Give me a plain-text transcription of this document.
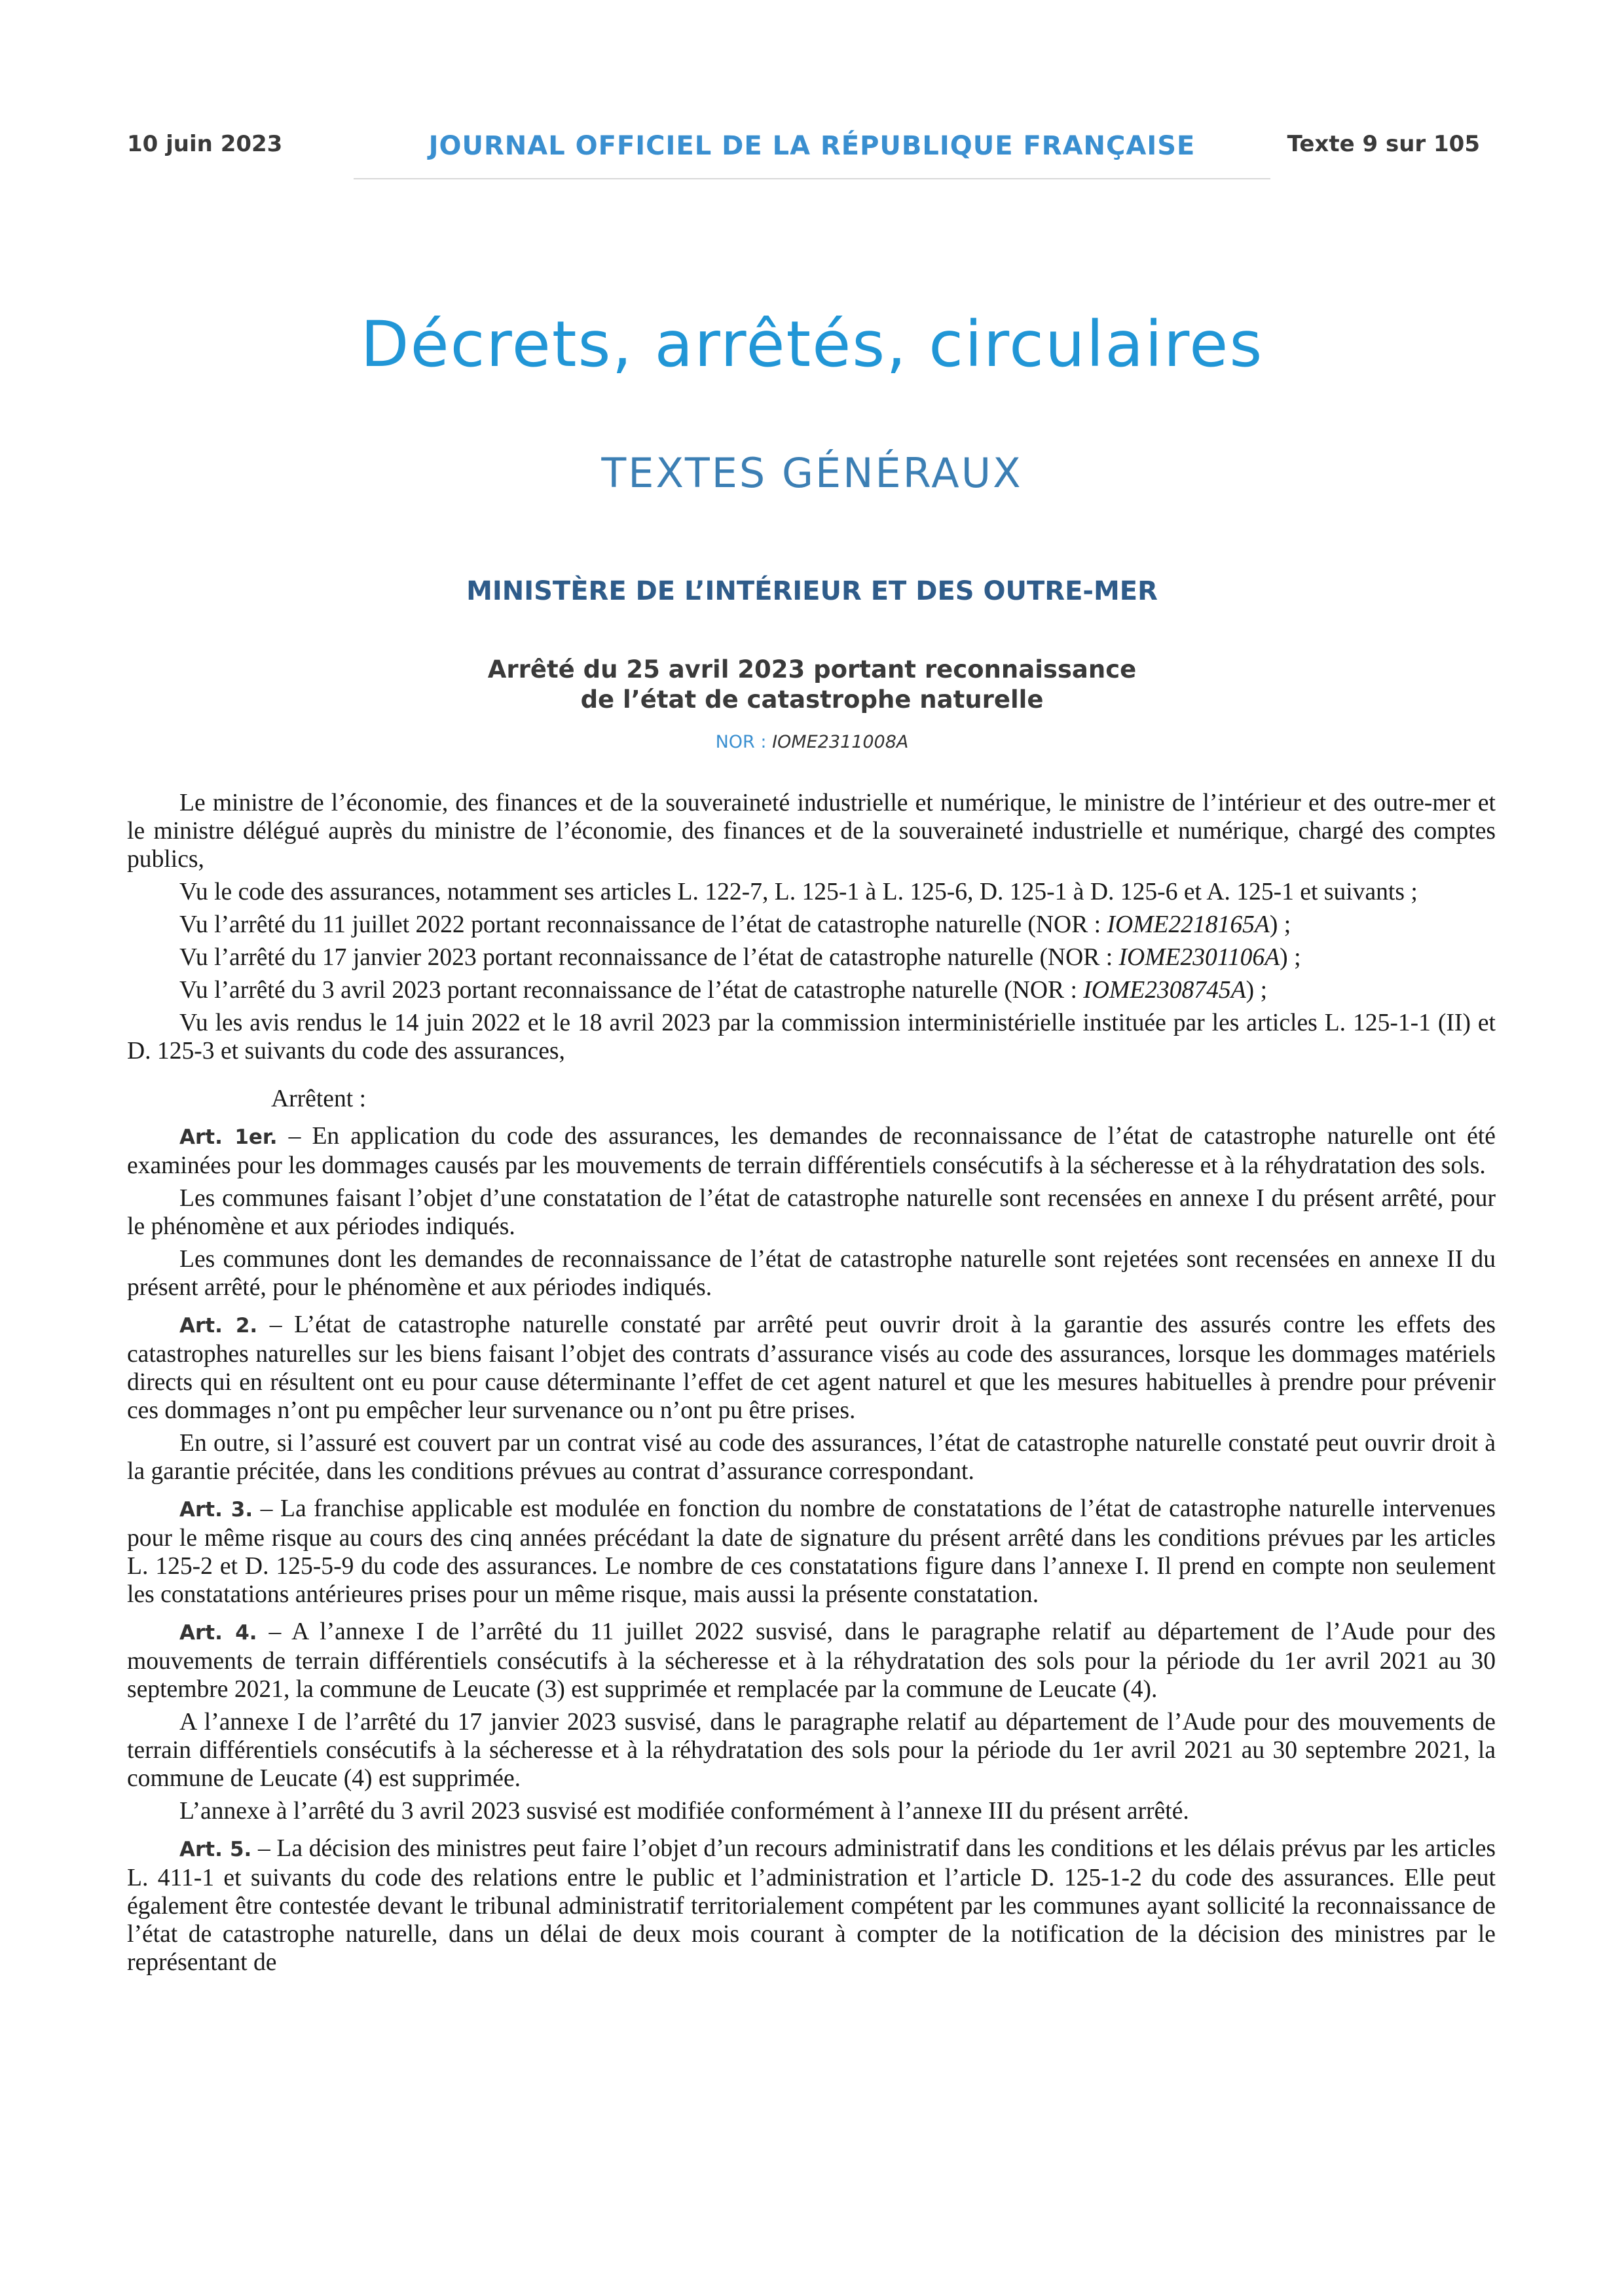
10 juin 2023	JOURNAL OFFICIEL DE LA RÉPUBLIQUE FRANÇAISE	Texte 9 sur 105
Décrets, arrêtés, circulaires
TEXTES GÉNÉRAUX
MINISTÈRE DE L’INTÉRIEUR ET DES OUTRE-MER
Arrêté du 25 avril 2023 portant reconnaissance
de l’état de catastrophe naturelle
NOR : IOME2311008A

Le ministre de l’économie, des finances et de la souveraineté industrielle et numérique, le ministre de l’intérieur et des outre-mer et le ministre délégué auprès du ministre de l’économie, des finances et de la souveraineté industrielle et numérique, chargé des comptes publics,

Vu le code des assurances, notamment ses articles L. 122-7, L. 125-1 à L. 125-6, D. 125-1 à D. 125-6 et A. 125-1 et suivants ;

Vu l’arrêté du 11 juillet 2022 portant reconnaissance de l’état de catastrophe naturelle (NOR : IOME2218165A) ;

Vu l’arrêté du 17 janvier 2023 portant reconnaissance de l’état de catastrophe naturelle (NOR : IOME2301106A) ;

Vu l’arrêté du 3 avril 2023 portant reconnaissance de l’état de catastrophe naturelle (NOR : IOME2308745A) ;

Vu les avis rendus le 14 juin 2022 et le 18 avril 2023 par la commission interministérielle instituée par les articles L. 125-1-1 (II) et D. 125-3 et suivants du code des assurances,

Arrêtent :

Art. 1er. – En application du code des assurances, les demandes de reconnaissance de l’état de catastrophe naturelle ont été examinées pour les dommages causés par les mouvements de terrain différentiels consécutifs à la sécheresse et à la réhydratation des sols.

Les communes faisant l’objet d’une constatation de l’état de catastrophe naturelle sont recensées en annexe I du présent arrêté, pour le phénomène et aux périodes indiqués.

Les communes dont les demandes de reconnaissance de l’état de catastrophe naturelle sont rejetées sont recensées en annexe II du présent arrêté, pour le phénomène et aux périodes indiqués.

Art. 2. – L’état de catastrophe naturelle constaté par arrêté peut ouvrir droit à la garantie des assurés contre les effets des catastrophes naturelles sur les biens faisant l’objet des contrats d’assurance visés au code des assurances, lorsque les dommages matériels directs qui en résultent ont eu pour cause déterminante l’effet de cet agent naturel et que les mesures habituelles à prendre pour prévenir ces dommages n’ont pu empêcher leur survenance ou n’ont pu être prises.

En outre, si l’assuré est couvert par un contrat visé au code des assurances, l’état de catastrophe naturelle constaté peut ouvrir droit à la garantie précitée, dans les conditions prévues au contrat d’assurance correspondant.

Art. 3. – La franchise applicable est modulée en fonction du nombre de constatations de l’état de catastrophe naturelle intervenues pour le même risque au cours des cinq années précédant la date de signature du présent arrêté dans les conditions prévues par les articles L. 125-2 et D. 125-5-9 du code des assurances. Le nombre de ces constatations figure dans l’annexe I. Il prend en compte non seulement les constatations antérieures prises pour un même risque, mais aussi la présente constatation.

Art. 4. – A l’annexe I de l’arrêté du 11 juillet 2022 susvisé, dans le paragraphe relatif au département de l’Aude pour des mouvements de terrain différentiels consécutifs à la sécheresse et à la réhydratation des sols pour la période du 1er avril 2021 au 30 septembre 2021, la commune de Leucate (3) est supprimée et remplacée par la commune de Leucate (4).

A l’annexe I de l’arrêté du 17 janvier 2023 susvisé, dans le paragraphe relatif au département de l’Aude pour des mouvements de terrain différentiels consécutifs à la sécheresse et à la réhydratation des sols pour la période du 1er avril 2021 au 30 septembre 2021, la commune de Leucate (4) est supprimée.

L’annexe à l’arrêté du 3 avril 2023 susvisé est modifiée conformément à l’annexe III du présent arrêté.

Art. 5. – La décision des ministres peut faire l’objet d’un recours administratif dans les conditions et les délais prévus par les articles L. 411-1 et suivants du code des relations entre le public et l’administration et l’article D. 125-1-2 du code des assurances. Elle peut également être contestée devant le tribunal administratif territorialement compétent par les communes ayant sollicité la reconnaissance de l’état de catastrophe naturelle, dans un délai de deux mois courant à compter de la notification de la décision des ministres par le représentant de
